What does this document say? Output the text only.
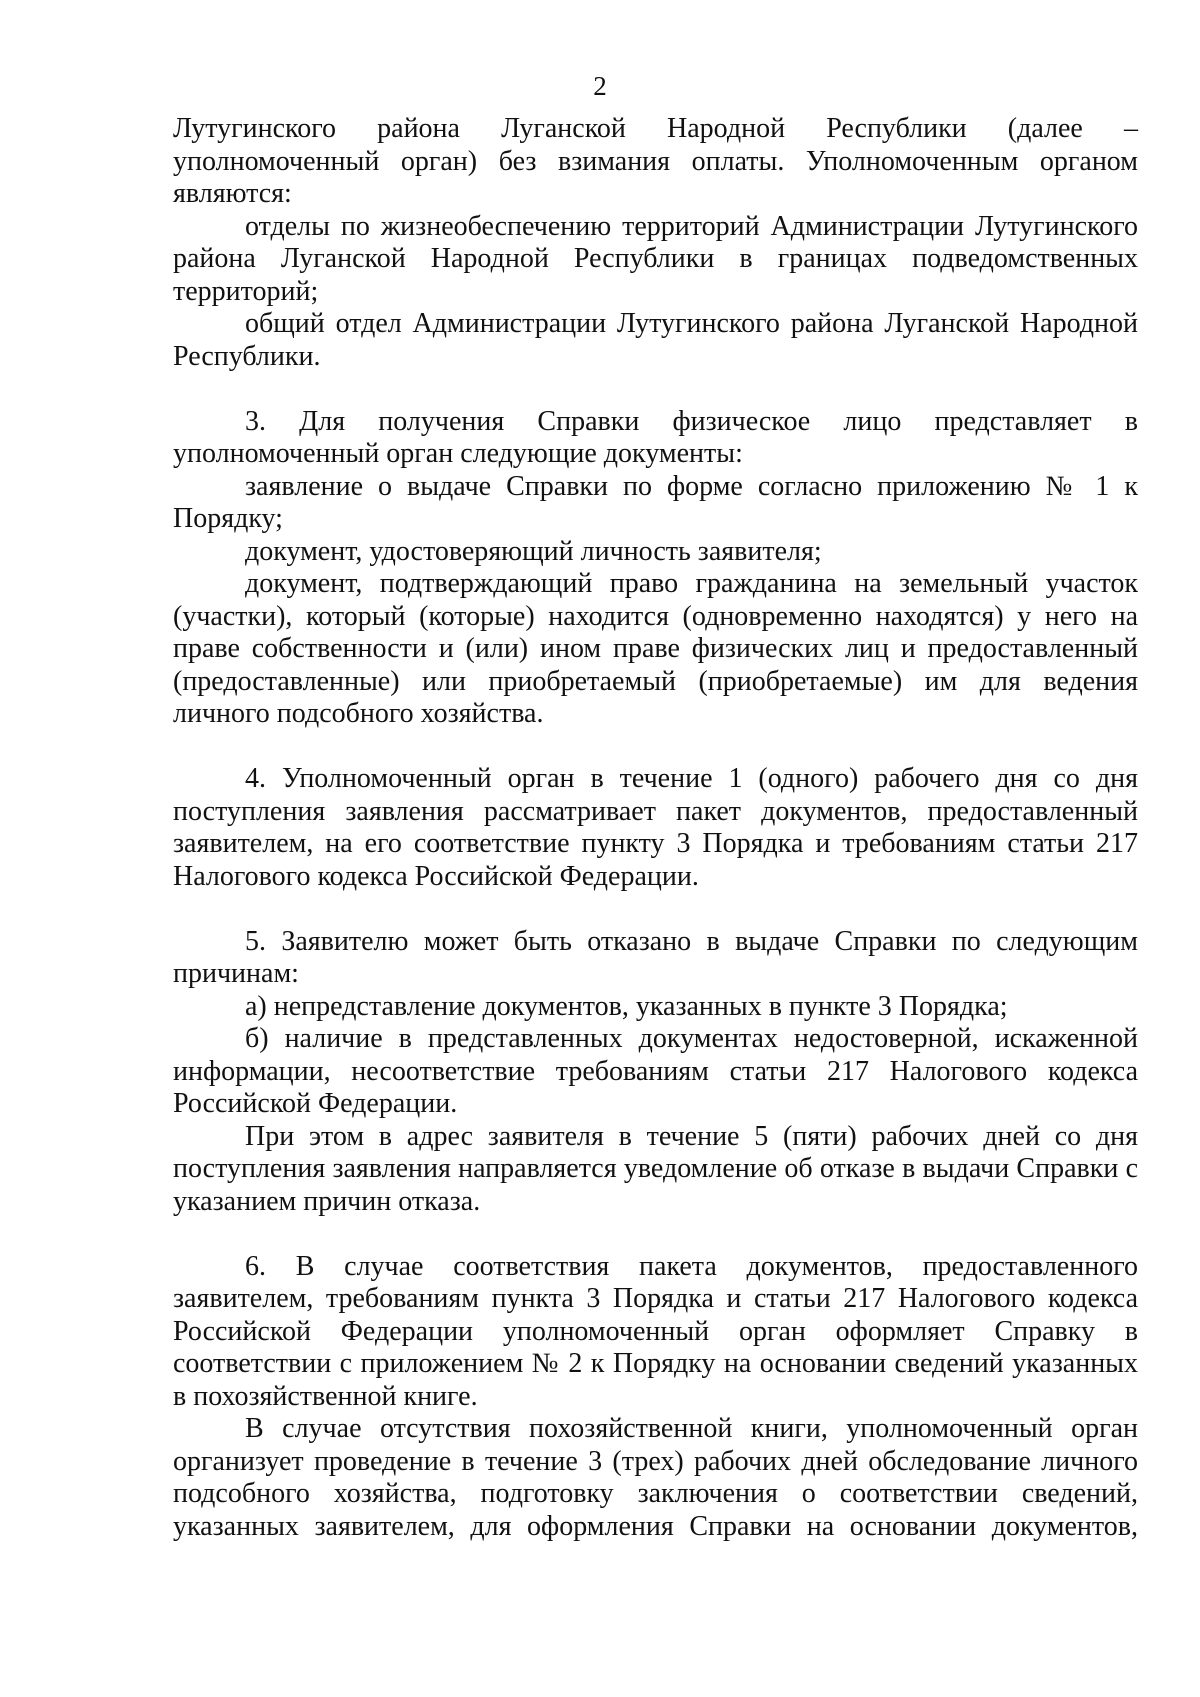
2

Лутугинского района Луганской Народной Республики (далее – уполномоченный орган) без взимания оплаты. Уполномоченным органом являются:

отделы по жизнеобеспечению территорий Администрации Лутугинского района Луганской Народной Республики в границах подведомственных территорий;

общий отдел Администрации Лутугинского района Луганской Народной Республики.

3. Для получения Справки физическое лицо представляет в уполномоченный орган следующие документы:

заявление о выдаче Справки по форме согласно приложению № 1 к Порядку;

документ, удостоверяющий личность заявителя;

документ, подтверждающий право гражданина на земельный участок (участки), который (которые) находится (одновременно находятся) у него на праве собственности и (или) ином праве физических лиц и предоставленный (предоставленные) или приобретаемый (приобретаемые) им для ведения личного подсобного хозяйства.

4. Уполномоченный орган в течение 1 (одного) рабочего дня со дня поступления заявления рассматривает пакет документов, предоставленный заявителем, на его соответствие пункту 3 Порядка и требованиям статьи 217 Налогового кодекса Российской Федерации.

5. Заявителю может быть отказано в выдаче Справки по следующим причинам:

а) непредставление документов, указанных в пункте 3 Порядка;

б) наличие в представленных документах недостоверной, искаженной информации, несоответствие требованиям статьи 217 Налогового кодекса Российской Федерации.

При этом в адрес заявителя в течение 5 (пяти) рабочих дней со дня поступления заявления направляется уведомление об отказе в выдачи Справки с указанием причин отказа.

6. В случае соответствия пакета документов, предоставленного заявителем, требованиям пункта 3 Порядка и статьи 217 Налогового кодекса Российской Федерации уполномоченный орган оформляет Справку в соответствии с приложением № 2 к Порядку на основании сведений указанных в похозяйственной книге.

В случае отсутствия похозяйственной книги, уполномоченный орган организует проведение в течение 3 (трех) рабочих дней обследование личного подсобного хозяйства, подготовку заключения о соответствии сведений, указанных заявителем, для оформления Справки на основании документов,
